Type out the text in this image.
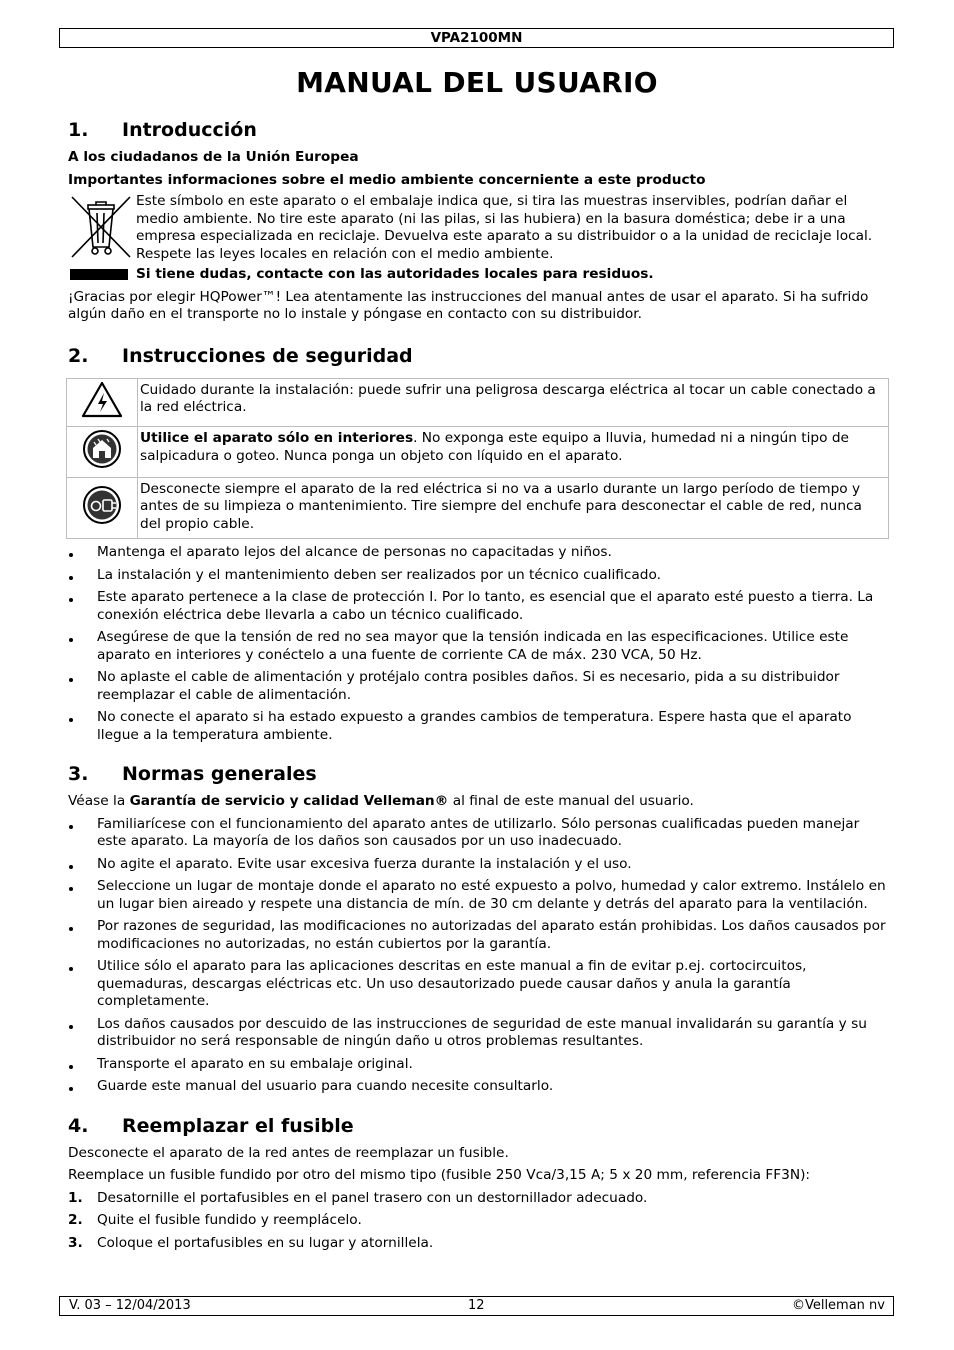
VPA2100MN
MANUAL DEL USUARIO
1.	Introducción

A los ciudadanos de la Unión Europea

Importantes informaciones sobre el medio ambiente concerniente a este producto

Este símbolo en este aparato o el embalaje indica que, si tira las muestras inservibles, podrían dañar el medio ambiente. No tire este aparato (ni las pilas, si las hubiera) en la basura doméstica; debe ir a una empresa especializada en reciclaje. Devuelva este aparato a su distribuidor o a la unidad de reciclaje local. Respete las leyes locales en relación con el medio ambiente.

Si tiene dudas, contacte con las autoridades locales para residuos.

¡Gracias por elegir HQPower™! Lea atentamente las instrucciones del manual antes de usar el aparato. Si ha sufrido algún daño en el transporte no lo instale y póngase en contacto con su distribuidor.

2.	Instrucciones de seguridad
	Cuidado durante la instalación: puede sufrir una peligrosa descarga eléctrica al tocar un cable conectado a la red eléctrica.
	Utilice el aparato sólo en interiores. No exponga este equipo a lluvia, humedad ni a ningún tipo de salpicadura o goteo. Nunca ponga un objeto con líquido en el aparato.
	Desconecte siempre el aparato de la red eléctrica si no va a usarlo durante un largo período de tiempo y antes de su limpieza o mantenimiento. Tire siempre del enchufe para desconectar el cable de red, nunca del propio cable.
Mantenga el aparato lejos del alcance de personas no capacitadas y niños.
La instalación y el mantenimiento deben ser realizados por un técnico cualificado.
Este aparato pertenece a la clase de protección I. Por lo tanto, es esencial que el aparato esté puesto a tierra. La conexión eléctrica debe llevarla a cabo un técnico cualificado.
Asegúrese de que la tensión de red no sea mayor que la tensión indicada en las especificaciones. Utilice este aparato en interiores y conéctelo a una fuente de corriente CA de máx. 230 VCA, 50 Hz.
No aplaste el cable de alimentación y protéjalo contra posibles daños. Si es necesario, pida a su distribuidor reemplazar el cable de alimentación.
No conecte el aparato si ha estado expuesto a grandes cambios de temperatura. Espere hasta que el aparato llegue a la temperatura ambiente.
3.	Normas generales

Véase la Garantía de servicio y calidad Velleman® al final de este manual del usuario.

Familiarícese con el funcionamiento del aparato antes de utilizarlo. Sólo personas cualificadas pueden manejar este aparato. La mayoría de los daños son causados por un uso inadecuado.
No agite el aparato. Evite usar excesiva fuerza durante la instalación y el uso.
Seleccione un lugar de montaje donde el aparato no esté expuesto a polvo, humedad y calor extremo. Instálelo en un lugar bien aireado y respete una distancia de mín. de 30 cm delante y detrás del aparato para la ventilación.
Por razones de seguridad, las modificaciones no autorizadas del aparato están prohibidas. Los daños causados por modificaciones no autorizadas, no están cubiertos por la garantía.
Utilice sólo el aparato para las aplicaciones descritas en este manual a fin de evitar p.ej. cortocircuitos, quemaduras, descargas eléctricas etc. Un uso desautorizado puede causar daños y anula la garantía completamente.
Los daños causados por descuido de las instrucciones de seguridad de este manual invalidarán su garantía y su distribuidor no será responsable de ningún daño u otros problemas resultantes.
Transporte el aparato en su embalaje original.
Guarde este manual del usuario para cuando necesite consultarlo.
4.	Reemplazar el fusible

Desconecte el aparato de la red antes de reemplazar un fusible.

Reemplace un fusible fundido por otro del mismo tipo (fusible 250 Vca/3,15 A; 5 x 20 mm, referencia FF3N):

1.	Desatornille el portafusibles en el panel trasero con un destornillador adecuado.
2.	Quite el fusible fundido y reemplácelo.
3.	Coloque el portafusibles en su lugar y atornillela.
V. 03 – 12/04/2013	12	©Velleman nv
